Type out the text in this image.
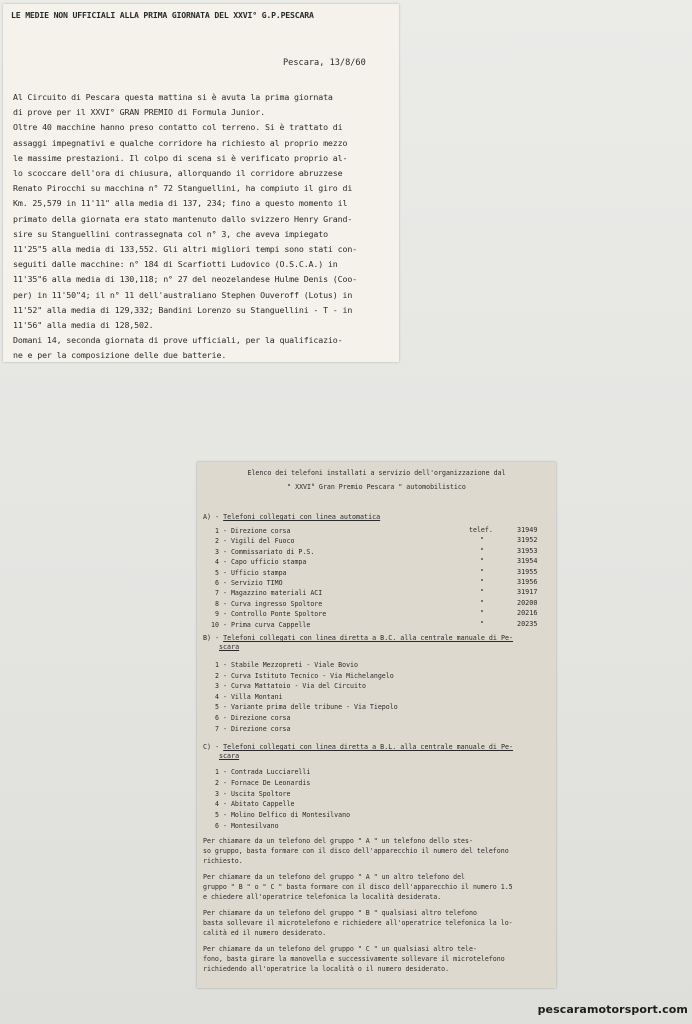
LE MEDIE NON UFFICIALI ALLA PRIMA GIORNATA DEL XXVI° G.P.PESCARA
Pescara, 13/8/60
Al Circuito di Pescara questa mattina si è avuta la prima giornata
di prove per il XXVI° GRAN PREMIO di Formula Junior.
Oltre 40 macchine hanno preso contatto col terreno. Si è trattato di
assaggi impegnativi e qualche corridore ha richiesto al proprio mezzo
le massime prestazioni. Il colpo di scena si è verificato proprio al-
lo scoccare dell'ora di chiusura, allorquando il corridore abruzzese
Renato Pirocchi su macchina n° 72 Stanguellini, ha compiuto il giro di
Km. 25,579 in 11'11" alla media di 137, 234; fino a questo momento il
primato della giornata era stato mantenuto dallo svizzero Henry Grand-
sire su Stanguellini contrassegnata col n° 3, che aveva impiegato
11'25"5 alla media di 133,552. Gli altri migliori tempi sono stati con-
seguiti dalle macchine: n° 184 di Scarfiotti Ludovico (O.S.C.A.) in
11'35"6 alla media di 130,118; n° 27 del neozelandese Hulme Denis (Coo-
per) in 11'50"4; il n° 11 dell'australiano Stephen Ouveroff (Lotus) in
11'52" alla media di 129,332; Bandini Lorenzo su Stanguellini - T - in
11'56" alla media di 128,502.
Domani 14, seconda giornata di prove ufficiali, per la qualificazio-
ne e per la composizione delle due batterie.
Elenco dei telefoni installati a servizio dell'organizzazione dal
" XXVI° Gran Premio Pescara " automobilistico
A) - Telefoni collegati con linea automatica
1 - Direzione corsa	telef.	31949
2 - Vigili del Fuoco	"	31952
3 - Commissariato di P.S.	"	31953
4 - Capo ufficio stampa	"	31954
5 - Ufficio stampa	"	31955
6 - Servizio TIMO	"	31956
7 - Magazzino materiali ACI	"	31917
8 - Curva ingresso Spoltore	"	20200
9 - Controllo Ponte Spoltore	"	20216
10 - Prima curva Cappelle	"	20235
B) - Telefoni collegati con linea diretta a B.C. alla centrale manuale di Pe-
scara
1 - Stabile Mezzopreti - Viale Bovio
2 - Curva Istituto Tecnico - Via Michelangelo
3 - Curva Mattatoio - Via del Circuito
4 - Villa Montani
5 - Variante prima delle tribune - Via Tiepolo
6 - Direzione corsa
7 - Direzione corsa
C) - Telefoni collegati con linea diretta a B.L. alla centrale manuale di Pe-
scara
1 - Contrada Lucciarelli
2 - Fornace De Leonardis
3 - Uscita Spoltore
4 - Abitato Cappelle
5 - Molino Delfico di Montesilvano
6 - Montesilvano
Per chiamare da un telefono del gruppo " A " un telefono dello stes-
so gruppo, basta formare con il disco dell'apparecchio il numero del telefono
richiesto.
Per chiamare da un telefono del gruppo " A " un altro telefono del
gruppo " B " o " C " basta formare con il disco dell'apparecchio il numero 1.5
e chiedere all'operatrice telefonica la località desiderata.
Per chiamare da un telefono del gruppo " B " qualsiasi altro telefono
basta sollevare il microtelefono e richiedere all'operatrice telefonica la lo-
calità ed il numero desiderato.
Per chiamare da un telefono del gruppo " C " un qualsiasi altro tele-
fono, basta girare la manovella e successivamente sollevare il microtelefono
richiedendo all'operatrice la località o il numero desiderato.
pescaramotorsport.com
